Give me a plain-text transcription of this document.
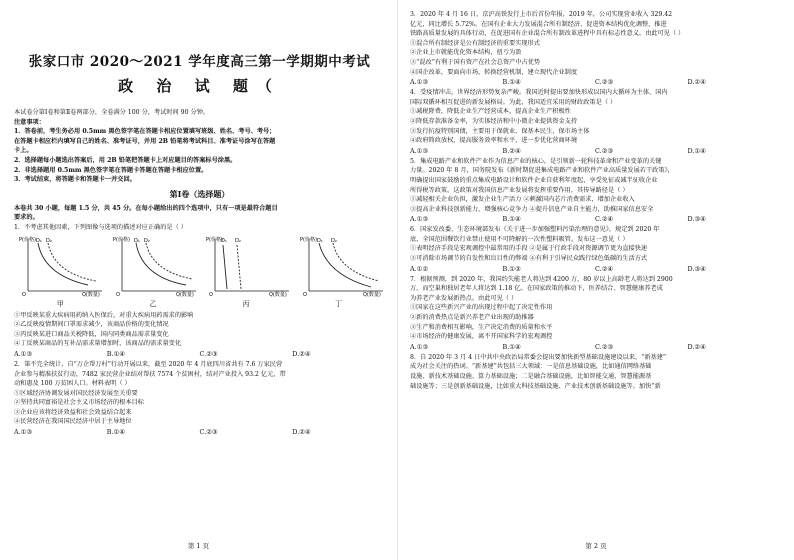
张家口市 2020～2021 学年度高三第一学期期中考试
政 治 试 题（

本试卷分第Ⅰ卷和第Ⅱ卷两部分，全卷满分 100 分，考试时间 90 分钟。

注意事项：

1．答卷前，考生务必用 0.5mm 黑色签字笔在答题卡相应位置填写班级、姓名、考号、考号；

在答题卡相应栏内填写自己的姓名、准考证号，并用 2B 铅笔将考试科目、准考证号涂写在答题

卡上。

2．选择题每小题选出答案后，用 2B 铅笔把答题卡上对应题目的答案标号涂黑。

2．非选择题用 0.5mm 黑色签字笔在答题卡答题在答题卡相应位置。

3．考试结束，将答题卡和答题卡一并交回。

第Ⅰ卷（选择题）

本卷共 30 小题，每题 1.5 分，共 45 分。在每小题给出的四个选项中，只有一项是最符合题目

要求的。

1．不考虑其他因素，下列图像与选项的描述对应正确的是（ ）

P(价格)
Q(数量)
O
D₁ D₂	P(价格)
Q(数量)
O
D₁ D₂	P(价格)
Q(数量)
O
D₁ D₂	P(价格)
Q(数量)
O
D₁ D₂
甲	乙	丙	丁

①甲反映某重大疾病用药纳入医保后，对重大疾病用药需求的影响

②乙反映疫情期间口罩需求减少，该商品价格的变化情况

③丙反映某进口商品关税降低，国内同类商品需求量变化

④丁反映某商品的互补品需求量增加时，该商品的需求量变化

A.①③	B.①④	C.②③	D.②④

2．第不完全统计，自“万企帮万村”行动开展以来，截至 2020 年 4 月底四川省共有 7.6 万家民营

企业参与精准扶贫行动，7482 家民营企业结对帮扶 7574 个贫困村，结对产业投入 93.2 亿元，带

动和惠及 100 万贫困人口。材料表明（ ）

①区域经济协调发展对国民经济发展至关重要

②坚持共同富裕是社会主义市场经济的根本目标

③企业应该将经济效益和社会效益结合起来

④民营经济在我国国民经济中居于主导地位

A.①③	B.①④	C.②③	D.②④
第 1 页

3．2020 年 4 月 16 日，京沪高铁发行上市后首份年报，2019 年，公司实现营业收入 329.42

亿元，同比增长 5.72%。在国有企业大力发展混合所有制经济、促进资本结构优化调整、推进

铁路高质量发展的具体行动，在促进国有企业混合所有制改革进程中具有标志性意义。由此可见（ ）

①混合所有制经济是公有制经济的重要实现形式

②企业上市就能优化资本结构，扭亏为盈

③“混改”有利于国有资产在社会总资产中占优势

④国企改革，要面向市场，转换经营机制，建立现代企业制度

A.①③	B.①④	C.②③	D.②④

4．受疫情冲击，世界经济形势复杂严峻。我国近时提出要加快形成以国内大循环为主体、国内

国际双循环相互促进的新发展格局。为此，我国适宜采用的财政政策是（ ）

①减税降费，降低企业生产经营成本，提高企业生产积极性

②降低存款准备金率，为实体经济和中小微企业提供资金支持

③发行抗疫特别国债，主要用于保就业、保基本民生、保市场主体

④政府简政放权，提高服务效率和水平，进一步优化营商环境

A.①③	B.②④	C.②③	D.①④

5．集成电路产业和软件产业作为信息产业的核心，是引领新一轮科技革命和产业变革的关键

力量。2020 年 8 月，国务院发布《新时期促进集成电路产业和软件产业高质量发展若干政策》，

明确提出国家鼓励的重点集成电路设计和软件企业自获利年度起，享受免征或减半征收企业

所得税等政策。这政策对我国信息产业发展将发挥重要作用，其传导路径是（ ）

①减轻相关企业负担，激发企业生产活力 ②刺激国内芯片消费需求，增加企业收入

③提高企业科技创新能力，增强核心竞争力 ④提升信息产业自主能力，助推国家信息安全

A.①③	B.①④	C.②④	D.③④

6．国家发改委、生态环境部发布《关于进一步加强塑料污染治理的意见》，规定到 2020 年

底，全国范围餐饮行业禁止使用不可降解的一次性塑料吸管。发布这一意见（ ）

①表明经济手段是宏观调控中最常用的手段 ②是属于行政手段对资源调节更为直接快速

③可消除市场调节的自发性和盲目性的弊端 ④有利于引导民众践行绿色低碳的生活方式

A.①②	B.①③	C.②④	D.③④

7．根据预测，到 2020 年，我国约失能老人将达到 4200 万，80 岁以上高龄老人将达到 2900

万，而空巢和独居老年人将达到 1.18 亿。在国家政策的推动下，医养结合、智慧健康养老成

为养老产业发展新热点。由此可见（ ）

①国家在这些新兴产业的出现过程中起了决定性作用

②新的消费热点是新兴养老产业出现的助推器

③生产和消费相互影响，生产决定消费的质量和水平

④市场经济的健康发展，离不开国家科学的宏观调控

A.①③	B.①④	C.②③	D.②④

8．自 2020 年 3 月 4 日中共中央政治局常委会提出要加快新型基础设施建设以来，“新基建”

成为社会关注的热词。“新基建”共包括三大领域：一是信息基础设施，比如通信网络基础

设施、新技术基础设施、算力基础设施；二是融合基础设施，比如智能交通、智慧能源基

础设施等；三是创新基础设施，比如重大科技基础设施、产业技术创新基础设施等。加快“新

第 2 页
